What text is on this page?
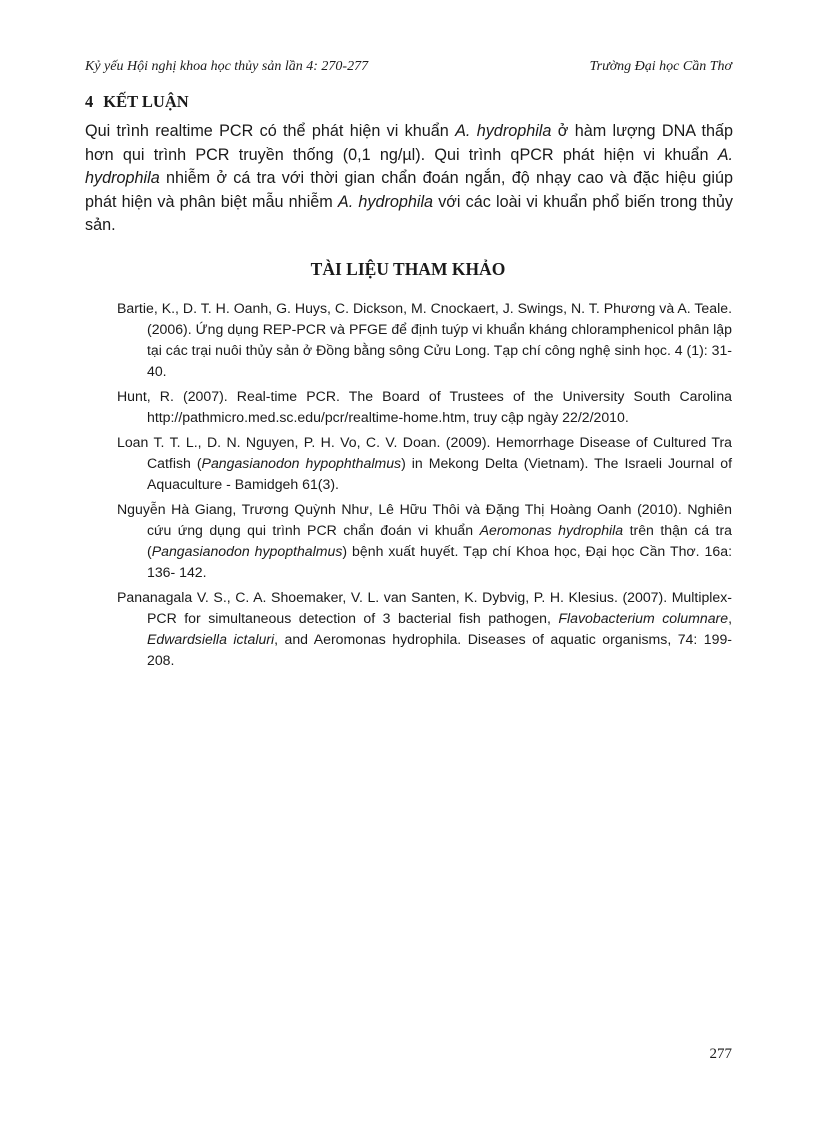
Kỷ yếu Hội nghị khoa học thủy sản lần 4: 270-277	Trường Đại học Cần Thơ
4 KẾT LUẬN

Qui trình realtime PCR có thể phát hiện vi khuẩn A. hydrophila ở hàm lượng DNA thấp hơn qui trình PCR truyền thống (0,1 ng/µl). Qui trình qPCR phát hiện vi khuẩn A. hydrophila nhiễm ở cá tra với thời gian chẩn đoán ngắn, độ nhạy cao và đặc hiệu giúp phát hiện và phân biệt mẫu nhiễm A. hydrophila với các loài vi khuẩn phổ biến trong thủy sản.

TÀI LIỆU THAM KHẢO
Bartie, K., D. T. H. Oanh, G. Huys, C. Dickson, M. Cnockaert, J. Swings, N. T. Phương và A. Teale. (2006). Ứng dụng REP-PCR và PFGE để định tuýp vi khuẩn kháng chloramphenicol phân lập tại các trại nuôi thủy sản ở Đồng bằng sông Cửu Long. Tạp chí công nghệ sinh học. 4 (1): 31-40.
Hunt, R. (2007). Real-time PCR. The Board of Trustees of the University South Carolina http://pathmicro.med.sc.edu/pcr/realtime-home.htm, truy cập ngày 22/2/2010.
Loan T. T. L., D. N. Nguyen, P. H. Vo, C. V. Doan. (2009). Hemorrhage Disease of Cultured Tra Catfish (Pangasianodon hypophthalmus) in Mekong Delta (Vietnam). The Israeli Journal of Aquaculture - Bamidgeh 61(3).
Nguyễn Hà Giang, Trương Quỳnh Như, Lê Hữu Thôi và Đặng Thị Hoàng Oanh (2010). Nghiên cứu ứng dụng qui trình PCR chẩn đoán vi khuẩn Aeromonas hydrophila trên thận cá tra (Pangasianodon hypopthalmus) bệnh xuất huyết. Tạp chí Khoa học, Đại học Cần Thơ. 16a: 136- 142.
Pananagala V. S., C. A. Shoemaker, V. L. van Santen, K. Dybvig, P. H. Klesius. (2007). Multiplex-PCR for simultaneous detection of 3 bacterial fish pathogen, Flavobacterium columnare, Edwardsiella ictaluri, and Aeromonas hydrophila. Diseases of aquatic organisms, 74: 199-208.
277
